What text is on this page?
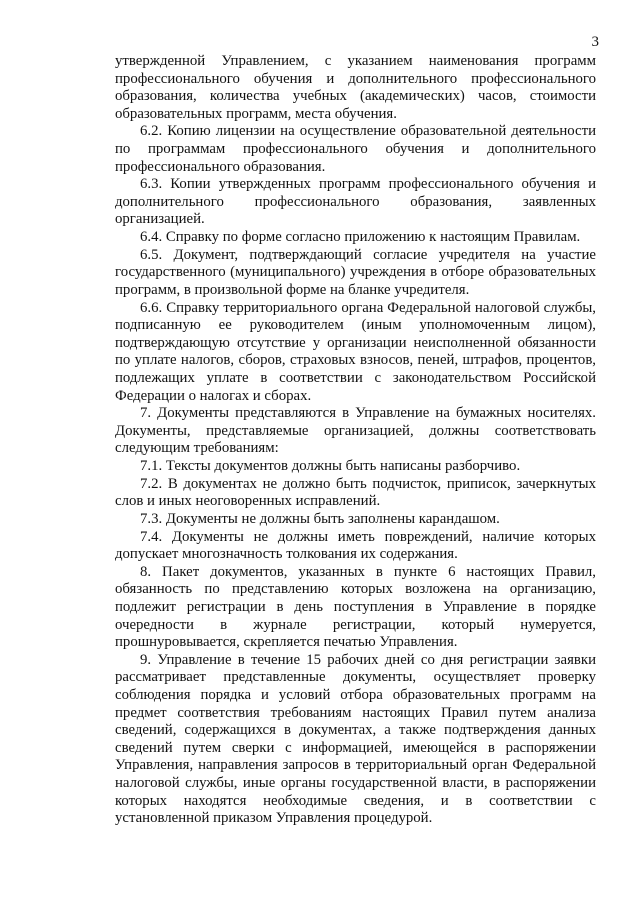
3

утвержденной Управлением, с указанием наименования программ профессионального обучения и дополнительного профессионального образования, количества учебных (академических) часов, стоимости образовательных программ, места обучения.

6.2. Копию лицензии на осуществление образовательной деятельности по программам профессионального обучения и дополнительного профессионального образования.

6.3. Копии утвержденных программ профессионального обучения и дополнительного профессионального образования, заявленных организацией.

6.4. Справку по форме согласно приложению к настоящим Правилам.

6.5. Документ, подтверждающий согласие учредителя на участие государственного (муниципального) учреждения в отборе образовательных программ, в произвольной форме на бланке учредителя.

6.6. Справку территориального органа Федеральной налоговой службы, подписанную ее руководителем (иным уполномоченным лицом), подтверждающую отсутствие у организации неисполненной обязанности по уплате налогов, сборов, страховых взносов, пеней, штрафов, процентов, подлежащих уплате в соответствии с законодательством Российской Федерации о налогах и сборах.

7. Документы представляются в Управление на бумажных носителях. Документы, представляемые организацией, должны соответствовать следующим требованиям:

7.1. Тексты документов должны быть написаны разборчиво.

7.2. В документах не должно быть подчисток, приписок, зачеркнутых слов и иных неоговоренных исправлений.

7.3. Документы не должны быть заполнены карандашом.

7.4. Документы не должны иметь повреждений, наличие которых допускает многозначность толкования их содержания.

8. Пакет документов, указанных в пункте 6 настоящих Правил, обязанность по представлению которых возложена на организацию, подлежит регистрации в день поступления в Управление в порядке очередности в журнале регистрации, который нумеруется, прошнуровывается, скрепляется печатью Управления.

9. Управление в течение 15 рабочих дней со дня регистрации заявки рассматривает представленные документы, осуществляет проверку соблюдения порядка и условий отбора образовательных программ на предмет соответствия требованиям настоящих Правил путем анализа сведений, содержащихся в документах, а также подтверждения данных сведений путем сверки с информацией, имеющейся в распоряжении Управления, направления запросов в территориальный орган Федеральной налоговой службы, иные органы государственной власти, в распоряжении которых находятся необходимые сведения, и в соответствии с установленной приказом Управления процедурой.
